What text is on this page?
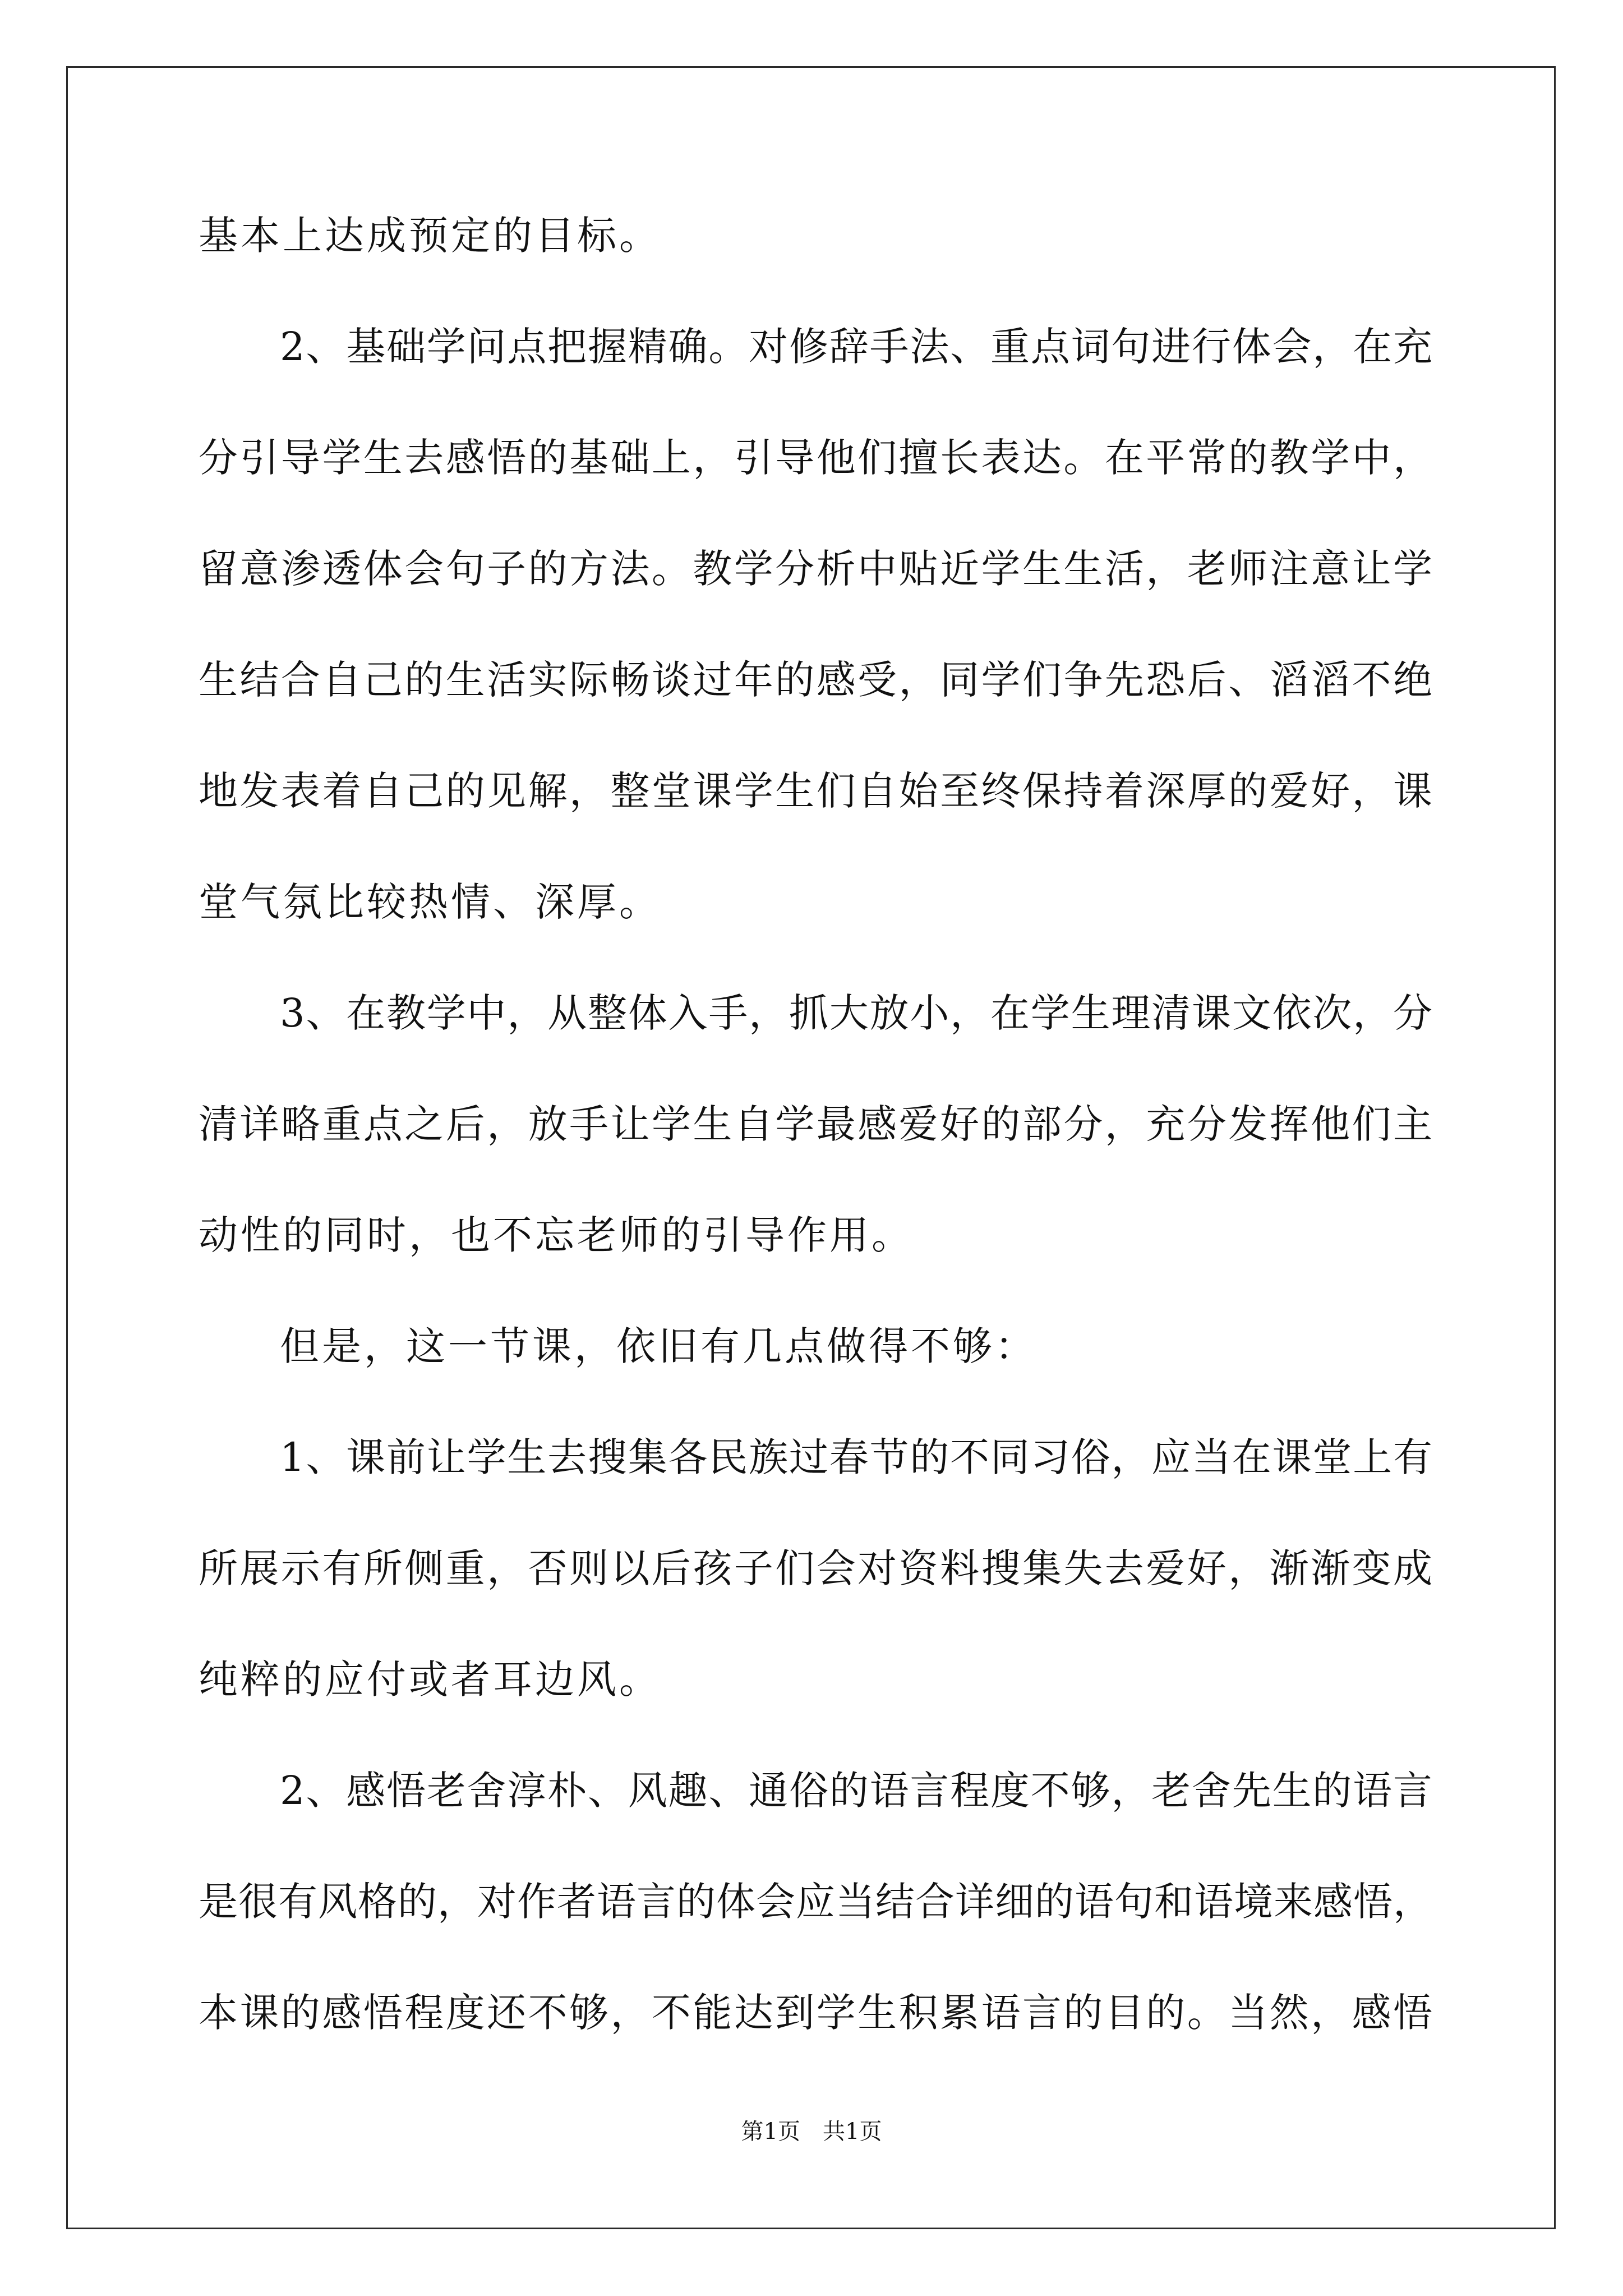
基本上达成预定的目标。
2、基础学问点把握精确。对修辞手法、重点词句进行体会，在充
分引导学生去感悟的基础上，引导他们擅长表达。在平常的教学中，
留意渗透体会句子的方法。教学分析中贴近学生生活，老师注意让学
生结合自己的生活实际畅谈过年的感受，同学们争先恐后、滔滔不绝
地发表着自己的见解，整堂课学生们自始至终保持着深厚的爱好，课
堂气氛比较热情、深厚。
3、在教学中，从整体入手，抓大放小，在学生理清课文依次，分
清详略重点之后，放手让学生自学最感爱好的部分，充分发挥他们主
动性的同时，也不忘老师的引导作用。
但是，这一节课，依旧有几点做得不够：
1、课前让学生去搜集各民族过春节的不同习俗，应当在课堂上有
所展示有所侧重，否则以后孩子们会对资料搜集失去爱好，渐渐变成
纯粹的应付或者耳边风。
2、感悟老舍淳朴、风趣、通俗的语言程度不够，老舍先生的语言
是很有风格的，对作者语言的体会应当结合详细的语句和语境来感悟，
本课的感悟程度还不够，不能达到学生积累语言的目的。当然，感悟
第1页　共1页
